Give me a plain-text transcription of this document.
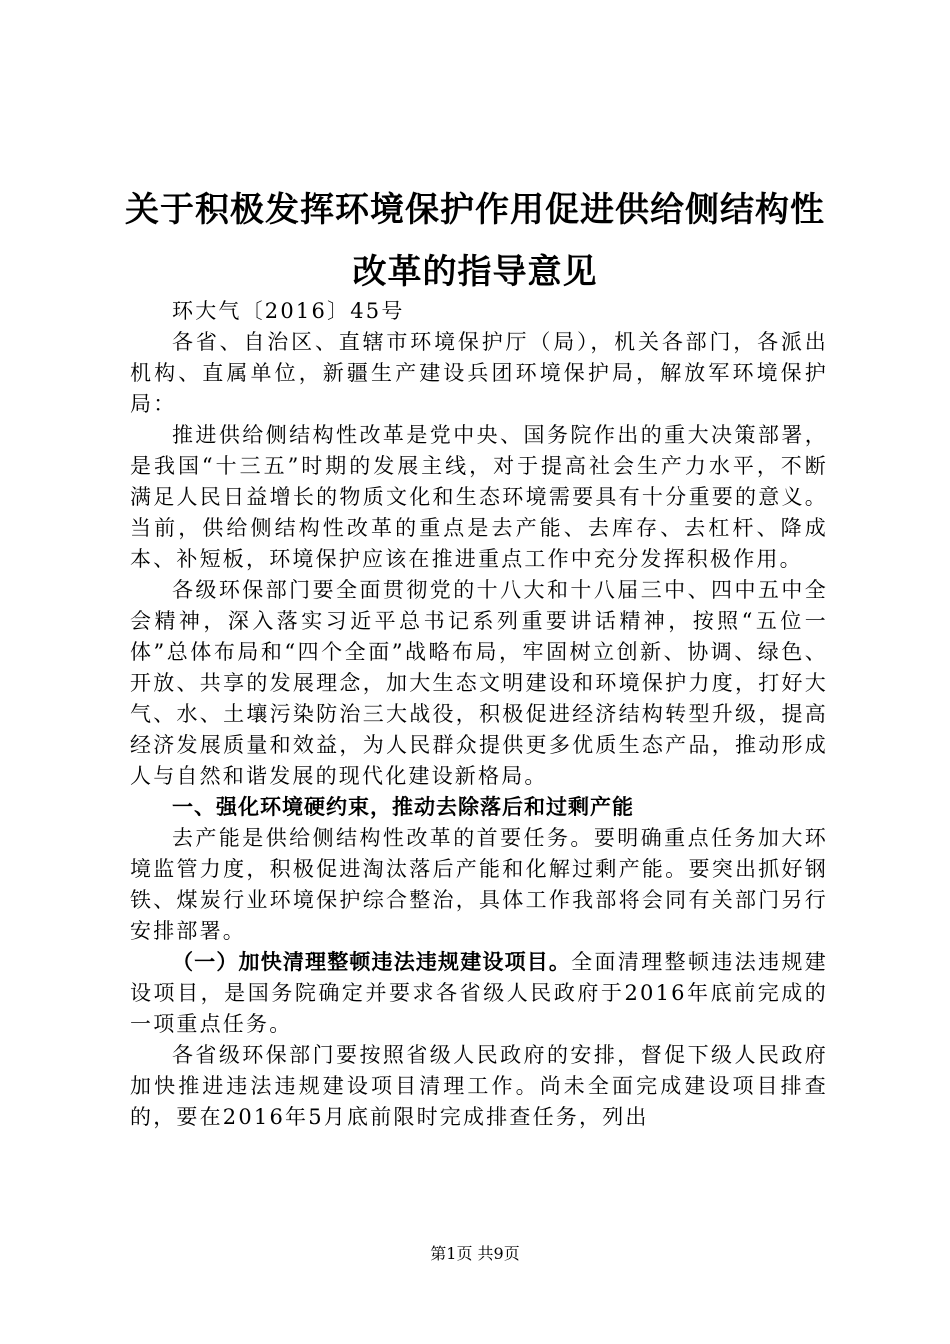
关于积极发挥环境保护作用促进供给侧结构性
改革的指导意见

环大气〔2016〕45号

各省、自治区、直辖市环境保护厅（局），机关各部门，各派出机构、直属单位，新疆生产建设兵团环境保护局，解放军环境保护局：

推进供给侧结构性改革是党中央、国务院作出的重大决策部署，是我国“十三五”时期的发展主线，对于提高社会生产力水平，不断满足人民日益增长的物质文化和生态环境需要具有十分重要的意义。当前，供给侧结构性改革的重点是去产能、去库存、去杠杆、降成本、补短板，环境保护应该在推进重点工作中充分发挥积极作用。

各级环保部门要全面贯彻党的十八大和十八届三中、四中五中全会精神，深入落实习近平总书记系列重要讲话精神，按照“五位一体”总体布局和“四个全面”战略布局，牢固树立创新、协调、绿色、开放、共享的发展理念，加大生态文明建设和环境保护力度，打好大气、水、土壤污染防治三大战役，积极促进经济结构转型升级，提高经济发展质量和效益，为人民群众提供更多优质生态产品，推动形成人与自然和谐发展的现代化建设新格局。

一、强化环境硬约束，推动去除落后和过剩产能

去产能是供给侧结构性改革的首要任务。要明确重点任务加大环境监管力度，积极促进淘汰落后产能和化解过剩产能。要突出抓好钢铁、煤炭行业环境保护综合整治，具体工作我部将会同有关部门另行安排部署。

（一）加快清理整顿违法违规建设项目。全面清理整顿违法违规建设项目，是国务院确定并要求各省级人民政府于2016年底前完成的一项重点任务。

各省级环保部门要按照省级人民政府的安排，督促下级人民政府加快推进违法违规建设项目清理工作。尚未全面完成建设项目排查的，要在2016年5月底前限时完成排查任务，列出

第1页 共9页
